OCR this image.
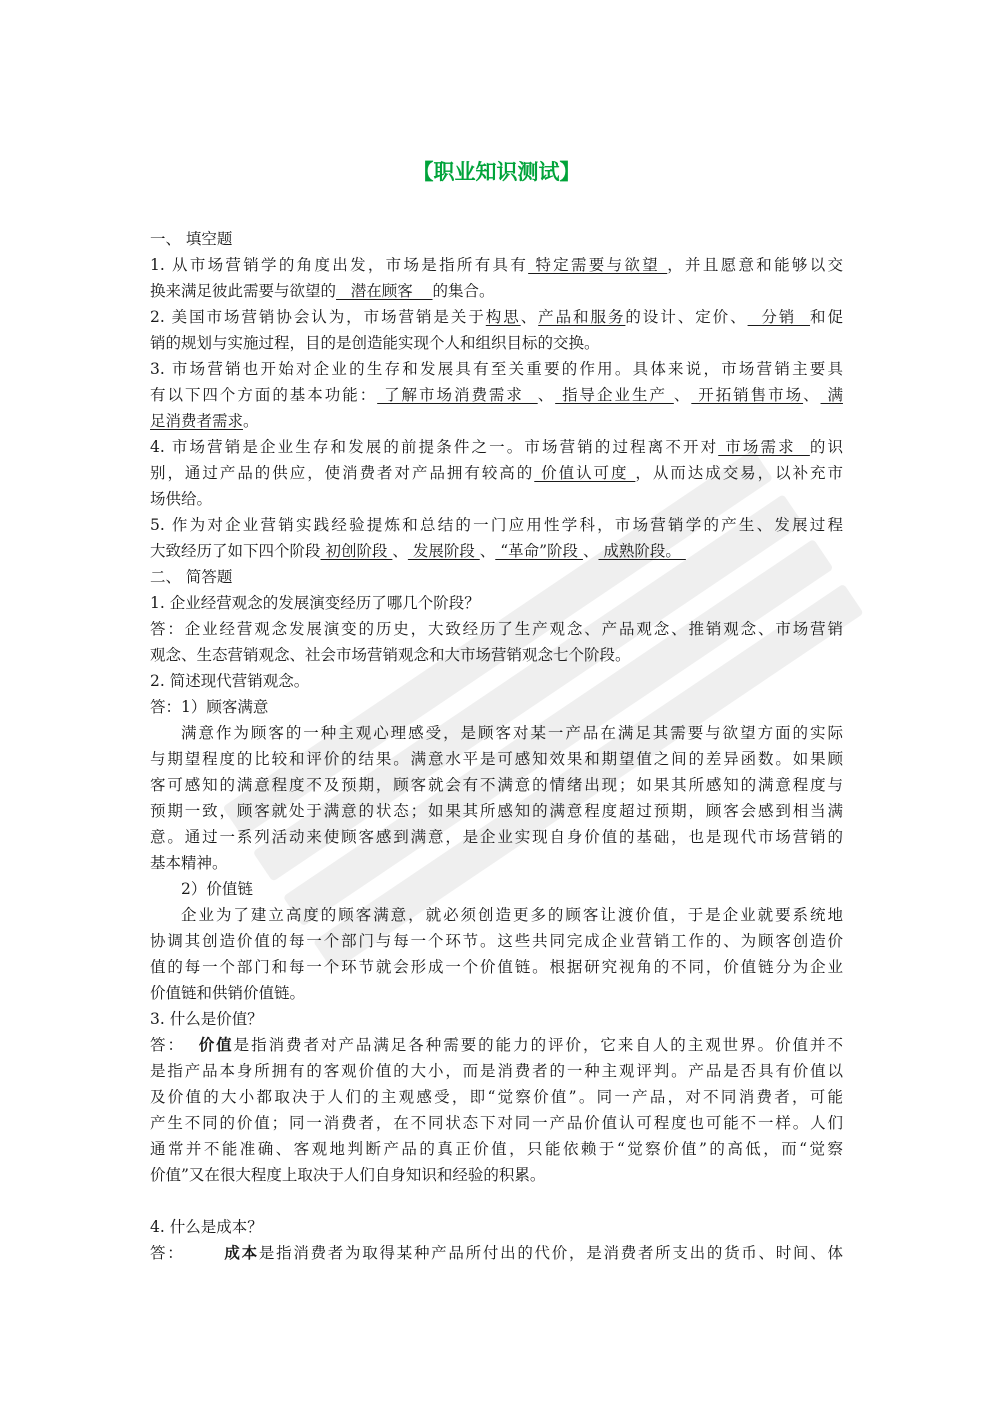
【职业知识测试】
一、 填空题
1. 从市场营销学的角度出发，市场是指所有具有 特定需要与欲望 ，并且愿意和能够以交
换来满足彼此需要与欲望的   潜在顾客    的集合。
2. 美国市场营销协会认为，市场营销是关于构思、产品和服务的设计、定价、  分销  和促
销的规划与实施过程，目的是创造能实现个人和组织目标的交换。
3. 市场营销也开始对企业的生存和发展具有至关重要的作用。具体来说，市场营销主要具
有以下四个方面的基本功能： 了解市场消费需求  、 指导企业生产 、 开拓销售市场、 满
足消费者需求。
4. 市场营销是企业生存和发展的前提条件之一。市场营销的过程离不开对 市场需求  的识
别，通过产品的供应，使消费者对产品拥有较高的 价值认可度 ，从而达成交易，以补充市
场供给。
5. 作为对企业营销实践经验提炼和总结的一门应用性学科，市场营销学的产生、发展过程
大致经历了如下四个阶段 初创阶段 、 发展阶段 、 “革命”阶段 、 成熟阶段。
二、 简答题
1. 企业经营观念的发展演变经历了哪几个阶段？
答：企业经营观念发展演变的历史，大致经历了生产观念、产品观念、推销观念、市场营销
观念、生态营销观念、社会市场营销观念和大市场营销观念七个阶段。
2. 简述现代营销观念。
答：1）顾客满意
满意作为顾客的一种主观心理感受，是顾客对某一产品在满足其需要与欲望方面的实际
与期望程度的比较和评价的结果。满意水平是可感知效果和期望值之间的差异函数。如果顾
客可感知的满意程度不及预期，顾客就会有不满意的情绪出现；如果其所感知的满意程度与
预期一致，顾客就处于满意的状态；如果其所感知的满意程度超过预期，顾客会感到相当满
意。通过一系列活动来使顾客感到满意，是企业实现自身价值的基础，也是现代市场营销的
基本精神。
2）价值链
企业为了建立高度的顾客满意，就必须创造更多的顾客让渡价值，于是企业就要系统地
协调其创造价值的每一个部门与每一个环节。这些共同完成企业营销工作的、为顾客创造价
值的每一个部门和每一个环节就会形成一个价值链。根据研究视角的不同，价值链分为企业
价值链和供销价值链。
3. 什么是价值？
答：  价值是指消费者对产品满足各种需要的能力的评价，它来自人的主观世界。价值并不
是指产品本身所拥有的客观价值的大小，而是消费者的一种主观评判。产品是否具有价值以
及价值的大小都取决于人们的主观感受，即“觉察价值”。同一产品，对不同消费者，可能
产生不同的价值；同一消费者，在不同状态下对同一产品价值认可程度也可能不一样。人们
通常并不能准确、客观地判断产品的真正价值，只能依赖于“觉察价值”的高低，而“觉察
价值”又在很大程度上取决于人们自身知识和经验的积累。
4. 什么是成本？
答：      成本是指消费者为取得某种产品所付出的代价，是消费者所支出的货币、时间、体
